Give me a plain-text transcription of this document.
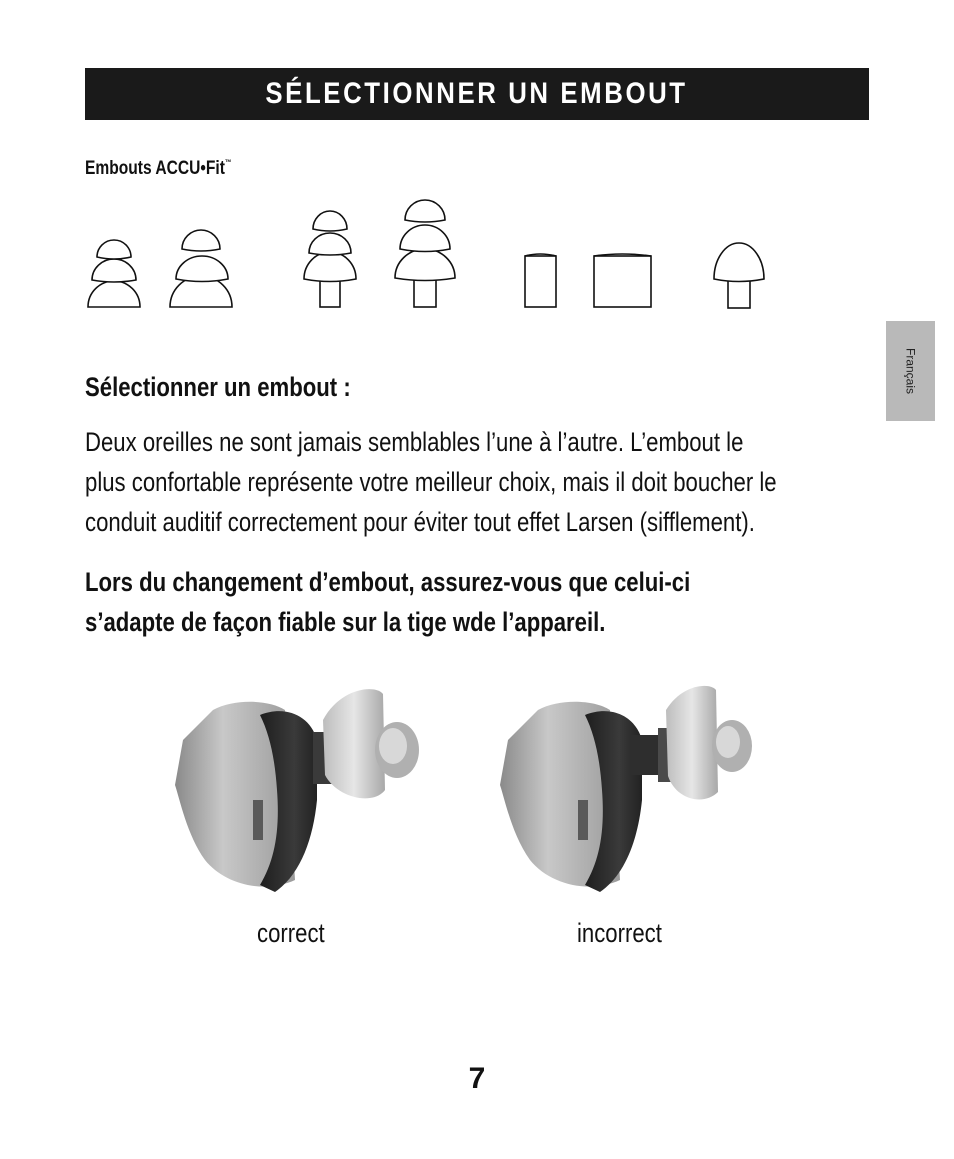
SÉLECTIONNER UN EMBOUT
Français
Embouts ACCU•Fit™
Sélectionner un embout :
Deux oreilles ne sont jamais semblables l’une à l’autre. L’embout le
plus confortable représente votre meilleur choix, mais il doit boucher le
conduit auditif correctement pour éviter tout effet Larsen (sifflement).
Lors du changement d’embout, assurez-vous que celui-ci
s’adapte de façon fiable sur la tige wde l’appareil.
correct	incorrect
7
